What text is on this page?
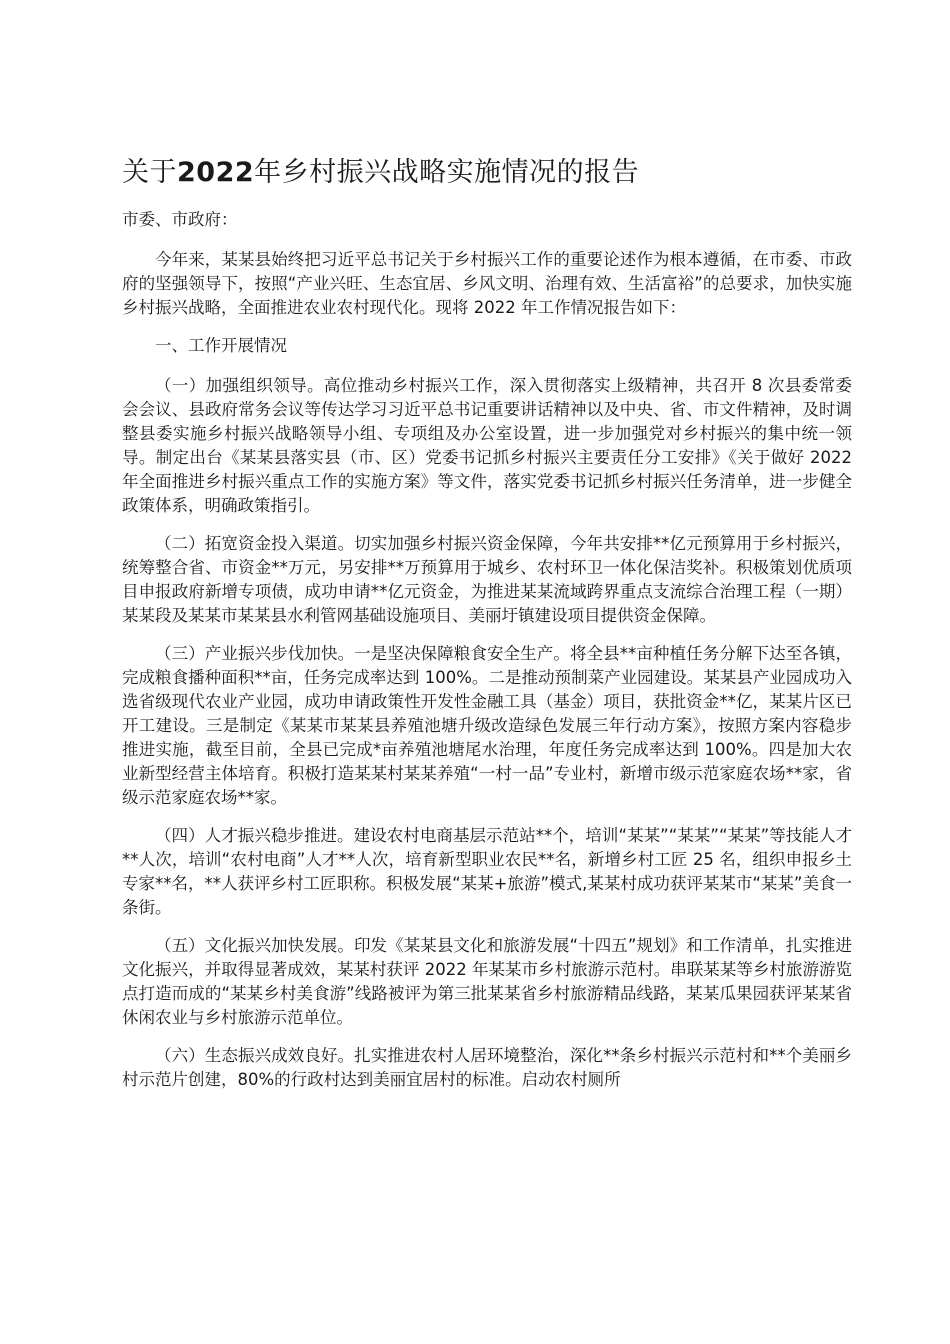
关于2022年乡村振兴战略实施情况的报告

市委、市政府：

今年来，某某县始终把习近平总书记关于乡村振兴工作的重要论述作为根本遵循，在市委、市政府的坚强领导下，按照“产业兴旺、生态宜居、乡风文明、治理有效、生活富裕”的总要求，加快实施乡村振兴战略，全面推进农业农村现代化。现将 2022 年工作情况报告如下：

一、工作开展情况

（一）加强组织领导。高位推动乡村振兴工作，深入贯彻落实上级精神，共召开 8 次县委常委会会议、县政府常务会议等传达学习习近平总书记重要讲话精神以及中央、省、市文件精神，及时调整县委实施乡村振兴战略领导小组、专项组及办公室设置，进一步加强党对乡村振兴的集中统一领导。制定出台《某某县落实县（市、区）党委书记抓乡村振兴主要责任分工安排》《关于做好 2022 年全面推进乡村振兴重点工作的实施方案》等文件，落实党委书记抓乡村振兴任务清单，进一步健全政策体系，明确政策指引。

（二）拓宽资金投入渠道。切实加强乡村振兴资金保障，今年共安排**亿元预算用于乡村振兴，统筹整合省、市资金**万元，另安排**万预算用于城乡、农村环卫一体化保洁奖补。积极策划优质项目申报政府新增专项债，成功申请**亿元资金，为推进某某流域跨界重点支流综合治理工程（一期）某某段及某某市某某县水利管网基础设施项目、美丽圩镇建设项目提供资金保障。

（三）产业振兴步伐加快。一是坚决保障粮食安全生产。将全县**亩种植任务分解下达至各镇，完成粮食播种面积**亩，任务完成率达到 100%。二是推动预制菜产业园建设。某某县产业园成功入选省级现代农业产业园，成功申请政策性开发性金融工具（基金）项目，获批资金**亿，某某片区已开工建设。三是制定《某某市某某县养殖池塘升级改造绿色发展三年行动方案》，按照方案内容稳步推进实施，截至目前，全县已完成*亩养殖池塘尾水治理，年度任务完成率达到 100%。四是加大农业新型经营主体培育。积极打造某某村某某养殖“一村一品”专业村，新增市级示范家庭农场**家，省级示范家庭农场**家。

（四）人才振兴稳步推进。建设农村电商基层示范站**个，培训“某某”“某某”“某某”等技能人才**人次，培训“农村电商”人才**人次，培育新型职业农民**名，新增乡村工匠 25 名，组织申报乡土专家**名，**人获评乡村工匠职称。积极发展“某某+旅游”模式,某某村成功获评某某市“某某”美食一条街。

（五）文化振兴加快发展。印发《某某县文化和旅游发展“十四五”规划》和工作清单，扎实推进文化振兴，并取得显著成效，某某村获评 2022 年某某市乡村旅游示范村。串联某某等乡村旅游游览点打造而成的“某某乡村美食游”线路被评为第三批某某省乡村旅游精品线路，某某瓜果园获评某某省休闲农业与乡村旅游示范单位。

（六）生态振兴成效良好。扎实推进农村人居环境整治，深化**条乡村振兴示范村和**个美丽乡村示范片创建，80%的行政村达到美丽宜居村的标准。启动农村厕所
